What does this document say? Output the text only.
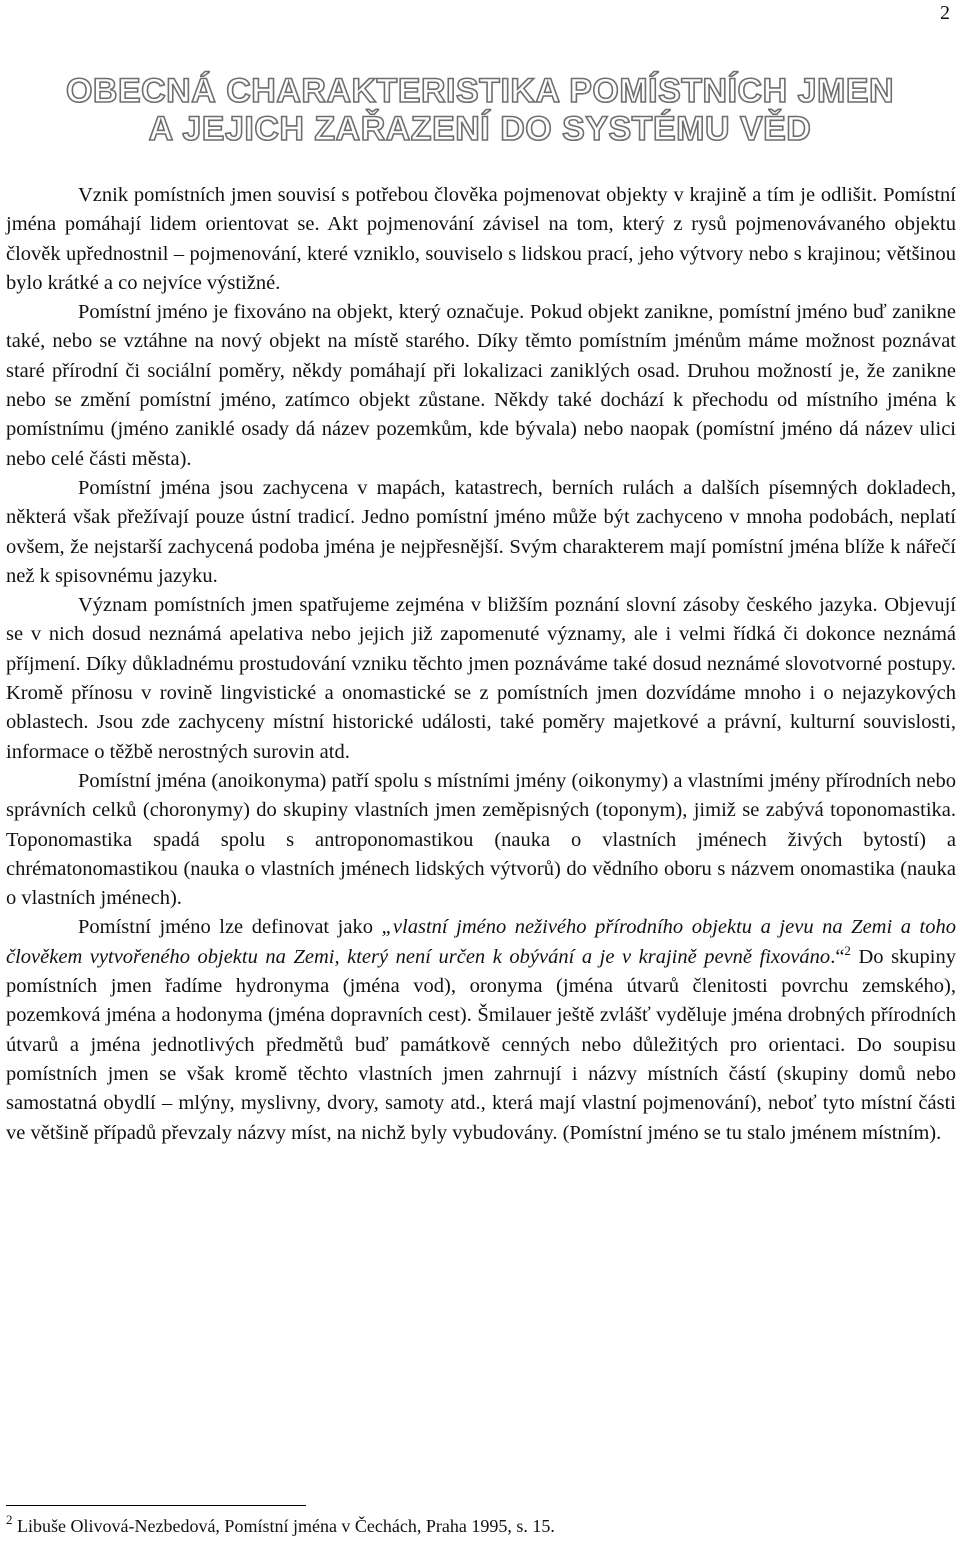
2
OBECNÁ CHARAKTERISTIKA POMÍSTNÍCH JMEN
A JEJICH ZAŘAZENÍ DO SYSTÉMU VĚD

Vznik pomístních jmen souvisí s potřebou člověka pojmenovat objekty v krajině a tím je odlišit. Pomístní jména pomáhají lidem orientovat se. Akt pojmenování závisel na tom, který z rysů pojmenovávaného objektu člověk upřednostnil – pojmenování, které vzniklo, souviselo s lidskou prací, jeho výtvory nebo s krajinou; většinou bylo krátké a co nejvíce výstižné.

Pomístní jméno je fixováno na objekt, který označuje. Pokud objekt zanikne, pomístní jméno buď zanikne také, nebo se vztáhne na nový objekt na místě starého. Díky těmto pomístním jménům máme možnost poznávat staré přírodní či sociální poměry, někdy pomáhají při lokalizaci zaniklých osad. Druhou možností je, že zanikne nebo se změní pomístní jméno, zatímco objekt zůstane. Někdy také dochází k přechodu od místního jména k pomístnímu (jméno zaniklé osady dá název pozemkům, kde bývala) nebo naopak (pomístní jméno dá název ulici nebo celé části města).

Pomístní jména jsou zachycena v mapách, katastrech, berních rulách a dalších písemných dokladech, některá však přežívají pouze ústní tradicí. Jedno pomístní jméno může být zachyceno v mnoha podobách, neplatí ovšem, že nejstarší zachycená podoba jména je nejpřesnější. Svým charakterem mají pomístní jména blíže k nářečí než k spisovnému jazyku.

Význam pomístních jmen spatřujeme zejména v bližším poznání slovní zásoby českého jazyka. Objevují se v nich dosud neznámá apelativa nebo jejich již zapomenuté významy, ale i velmi řídká či dokonce neznámá příjmení. Díky důkladnému prostudování vzniku těchto jmen poznáváme také dosud neznámé slovotvorné postupy. Kromě přínosu v rovině lingvistické a onomastické se z pomístních jmen dozvídáme mnoho i o nejazykových oblastech. Jsou zde zachyceny místní historické události, také poměry majetkové a právní, kulturní souvislosti, informace o těžbě nerostných surovin atd.

Pomístní jména (anoikonyma) patří spolu s místními jmény (oikonymy) a vlastními jmény přírodních nebo správních celků (choronymy) do skupiny vlastních jmen zeměpisných (toponym), jimiž se zabývá toponomastika. Toponomastika spadá spolu s antroponomastikou (nauka o vlastních jménech živých bytostí) a chrématonomastikou (nauka o vlastních jménech lidských výtvorů) do vědního oboru s názvem onomastika (nauka o vlastních jménech).

Pomístní jméno lze definovat jako „vlastní jméno neživého přírodního objektu a jevu na Zemi a toho člověkem vytvořeného objektu na Zemi, který není určen k obývání a je v krajině pevně fixováno.“$^2$ Do skupiny pomístních jmen řadíme hydronyma (jména vod), oronyma (jména útvarů členitosti povrchu zemského), pozemková jména a hodonyma (jména dopravních cest). Šmilauer ještě zvlášť vyděluje jména drobných přírodních útvarů a jména jednotlivých předmětů buď památkově cenných nebo důležitých pro orientaci. Do soupisu pomístních jmen se však kromě těchto vlastních jmen zahrnují i názvy místních částí (skupiny domů nebo samostatná obydlí – mlýny, myslivny, dvory, samoty atd., která mají vlastní pojmenování), neboť tyto místní části ve většině případů převzaly názvy míst, na nichž byly vybudovány. (Pomístní jméno se tu stalo jménem místním).

$^2$ Libuše Olivová-Nezbedová, Pomístní jména v Čechách, Praha 1995, s. 15.
